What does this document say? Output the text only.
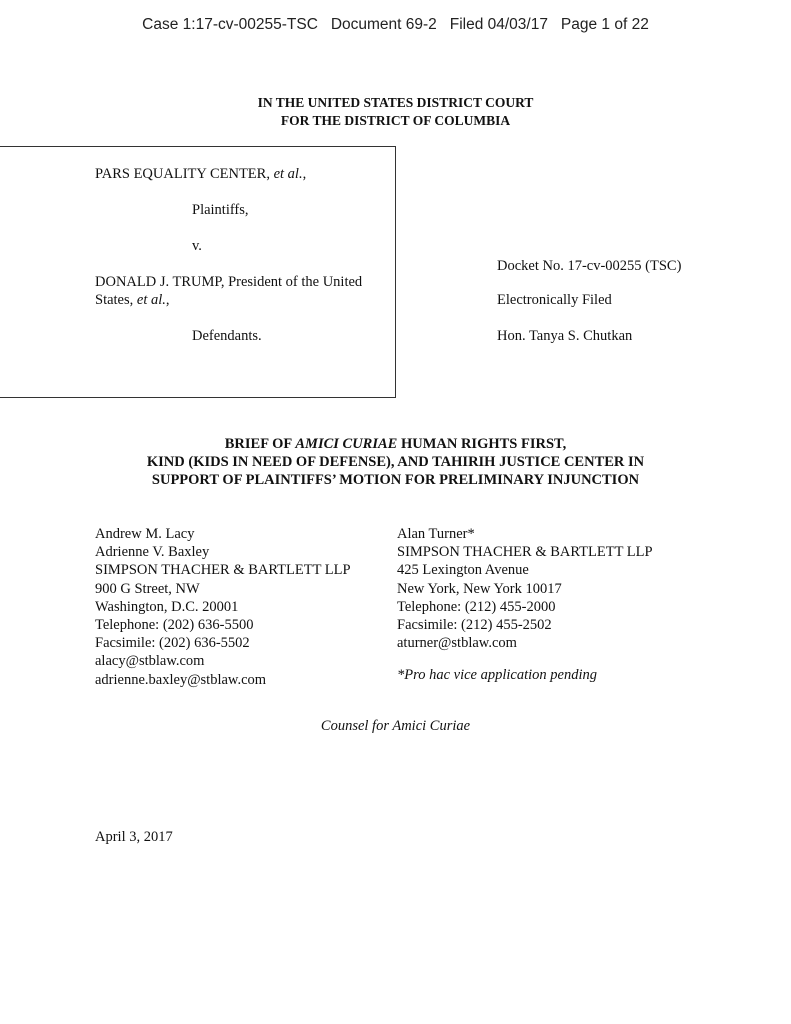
Case 1:17-cv-00255-TSC Document 69-2 Filed 04/03/17 Page 1 of 22
IN THE UNITED STATES DISTRICT COURT
FOR THE DISTRICT OF COLUMBIA
PARS EQUALITY CENTER, et al.,
Plaintiffs,
v.
DONALD J. TRUMP, President of the United
States, et al.,
Defendants.
Docket No. 17-cv-00255 (TSC)
Electronically Filed
Hon. Tanya S. Chutkan
BRIEF OF AMICI CURIAE HUMAN RIGHTS FIRST,
KIND (KIDS IN NEED OF DEFENSE), AND TAHIRIH JUSTICE CENTER IN
SUPPORT OF PLAINTIFFS’ MOTION FOR PRELIMINARY INJUNCTION
Andrew M. Lacy
Adrienne V. Baxley
SIMPSON THACHER & BARTLETT LLP
900 G Street, NW
Washington, D.C. 20001
Telephone: (202) 636-5500
Facsimile: (202) 636-5502
alacy@stblaw.com
adrienne.baxley@stblaw.com
Alan Turner*
SIMPSON THACHER & BARTLETT LLP
425 Lexington Avenue
New York, New York 10017
Telephone: (212) 455-2000
Facsimile: (212) 455-2502
aturner@stblaw.com
*Pro hac vice application pending
Counsel for Amici Curiae
April 3, 2017
